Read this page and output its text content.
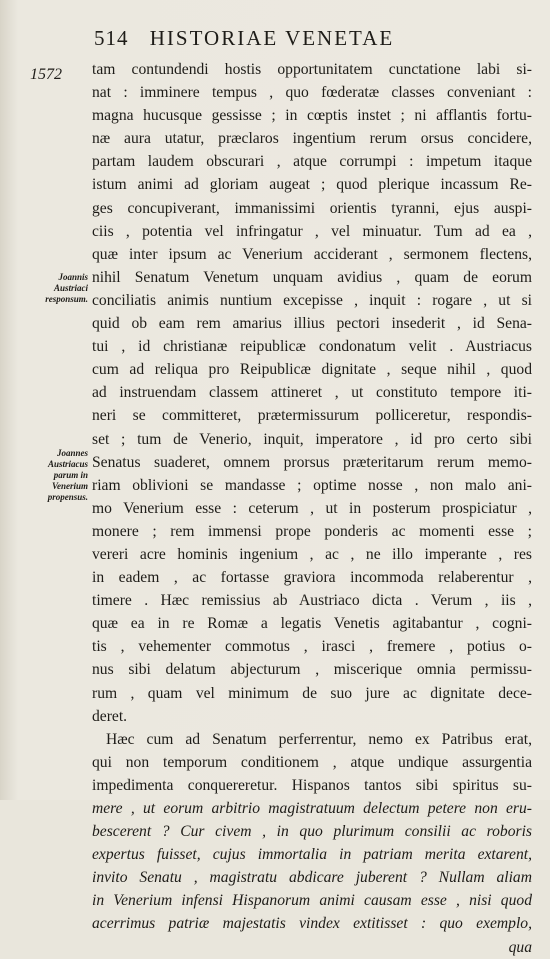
514 HISTORIAE VENETAE
1572
Joannis
Austriaci
responsum.
Joannes
Austriacus
parum in
Venerium
propensus.
tam contundendi hostis opportunitatem cunctatione labi si-
nat : imminere tempus , quo fœderatæ classes conveniant :
magna hucusque gessisse ; in cœptis instet ; ni afflantis fortu-
næ aura utatur, præclaros ingentium rerum orsus concidere,
partam laudem obscurari , atque corrumpi : impetum itaque
istum animi ad gloriam augeat ; quod plerique incassum Re-
ges concupiverant, immanissimi orientis tyranni, ejus auspi-
ciis , potentia vel infringatur , vel minuatur. Tum ad ea ,
quæ inter ipsum ac Venerium acciderant , sermonem flectens,
nihil Senatum Venetum unquam avidius , quam de eorum
conciliatis animis nuntium excepisse , inquit : rogare , ut si
quid ob eam rem amarius illius pectori insederit , id Sena-
tui , id christianæ reipublicæ condonatum velit . Austriacus
cum ad reliqua pro Reipublicæ dignitate , seque nihil , quod
ad instruendam classem attineret , ut constituto tempore iti-
neri se committeret, prætermissurum polliceretur, respondis-
set ; tum de Venerio, inquit, imperatore , id pro certo sibi
Senatus suaderet, omnem prorsus præteritarum rerum memo-
riam oblivioni se mandasse ; optime nosse , non malo ani-
mo Venerium esse : ceterum , ut in posterum prospiciatur ,
monere ; rem immensi prope ponderis ac momenti esse ;
vereri acre hominis ingenium , ac , ne illo imperante , res
in eadem , ac fortasse graviora incommoda relaberentur ,
timere . Hæc remissius ab Austriaco dicta . Verum , iis ,
quæ ea in re Romæ a legatis Venetis agitabantur , cogni-
tis , vehementer commotus , irasci , fremere , potius o-
nus sibi delatum abjecturum , miscerique omnia permissu-
rum , quam vel minimum de suo jure ac dignitate dece-
deret.
Hæc cum ad Senatum perferrentur, nemo ex Patribus erat,
qui non temporum conditionem , atque undique assurgentia
impedimenta conquereretur. Hispanos tantos sibi spiritus su-
mere , ut eorum arbitrio magistratuum delectum petere non eru-
bescerent ? Cur civem , in quo plurimum consilii ac roboris
expertus fuisset, cujus immortalia in patriam merita extarent,
invito Senatu , magistratu abdicare juberent ? Nullam aliam
in Venerium infensi Hispanorum animi causam esse , nisi quod
acerrimus patriæ majestatis vindex extitisset : quo exemplo,
qua
